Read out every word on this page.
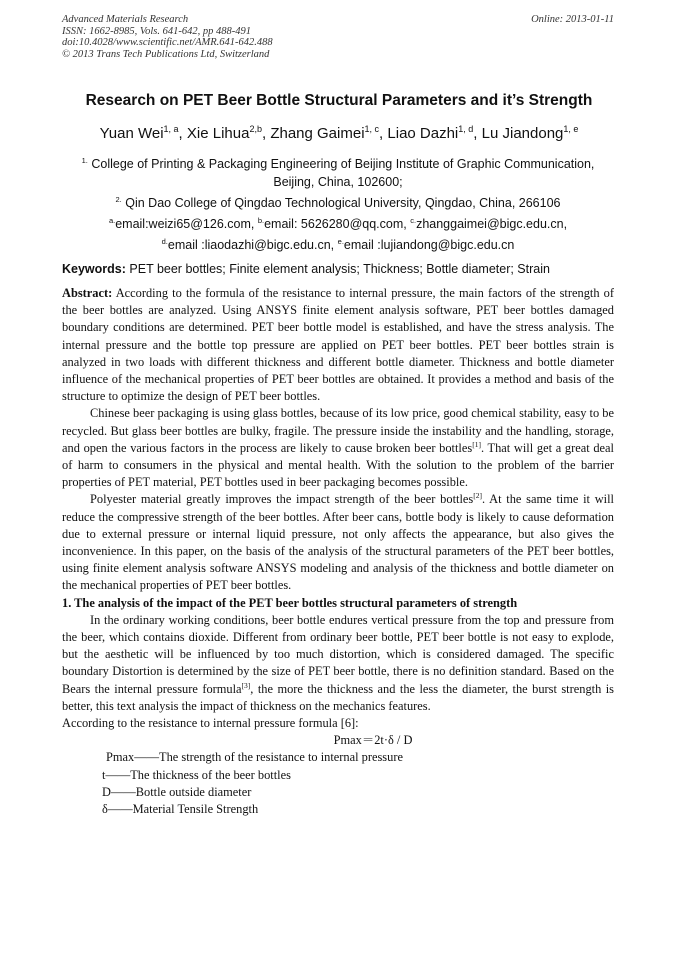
Advanced Materials Research
ISSN: 1662-8985, Vols. 641-642, pp 488-491
doi:10.4028/www.scientific.net/AMR.641-642.488
© 2013 Trans Tech Publications Ltd, Switzerland
Online: 2013-01-11
Research on PET Beer Bottle Structural Parameters and it’s Strength
Yuan Wei$^{1, a}$, Xie Lihua$^{2,b}$, Zhang Gaimei$^{1, c}$, Liao Dazhi$^{1, d}$, Lu Jiandong$^{1, e}$
$^{1.}$ College of Printing & Packaging Engineering of Beijing Institute of Graphic Communication,
Beijing, China, 102600;
$^{2.}$ Qin Dao College of Qingdao Technological University, Qingdao, China, 266106
$^{a.}$email:weizi65@126.com, $^{b.}$email: 5626280@qq.com, $^{c.}$zhanggaimei@bigc.edu.cn,
$^{d.}$email :liaodazhi@bigc.edu.cn, $^{e.}$email :lujiandong@bigc.edu.cn
Keywords: PET beer bottles; Finite element analysis; Thickness; Bottle diameter; Strain

Abstract: According to the formula of the resistance to internal pressure, the main factors of the strength of the beer bottles are analyzed. Using ANSYS finite element analysis software, PET beer bottles damaged boundary conditions are determined. PET beer bottle model is established, and have the stress analysis. The internal pressure and the bottle top pressure are applied on PET beer bottles. PET beer bottles strain is analyzed in two loads with different thickness and different bottle diameter. Thickness and bottle diameter influence of the mechanical properties of PET beer bottles are obtained. It provides a method and basis of the structure to optimize the design of PET beer bottles.

Chinese beer packaging is using glass bottles, because of its low price, good chemical stability, easy to be recycled. But glass beer bottles are bulky, fragile. The pressure inside the instability and the handling, storage, and open the various factors in the process are likely to cause broken beer bottles[1]. That will get a great deal of harm to consumers in the physical and mental health. With the solution to the problem of the barrier properties of PET material, PET bottles used in beer packaging becomes possible.

Polyester material greatly improves the impact strength of the beer bottles[2]. At the same time it will reduce the compressive strength of the beer bottles. After beer cans, bottle body is likely to cause deformation due to external pressure or internal liquid pressure, not only affects the appearance, but also gives the inconvenience. In this paper, on the basis of the analysis of the structural parameters of the PET beer bottles, using finite element analysis software ANSYS modeling and analysis of the thickness and bottle diameter on the mechanical properties of PET beer bottles.

1. The analysis of the impact of the PET beer bottles structural parameters of strength

In the ordinary working conditions, beer bottle endures vertical pressure from the top and pressure from the beer, which contains dioxide. Different from ordinary beer bottle, PET beer bottle is not easy to explode, but the aesthetic will be influenced by too much distortion, which is considered damaged. The specific boundary Distortion is determined by the size of PET beer bottle, there is no definition standard. Based on the Bears the internal pressure formula[3], the more the thickness and the less the diameter, the burst strength is better, this text analysis the impact of thickness on the mechanics features.

According to the resistance to internal pressure formula [6]:

Pmax＝2t·δ / D

Pmax——The strength of the resistance to internal pressure

t——The thickness of the beer bottles

D——Bottle outside diameter

δ——Material Tensile Strength
